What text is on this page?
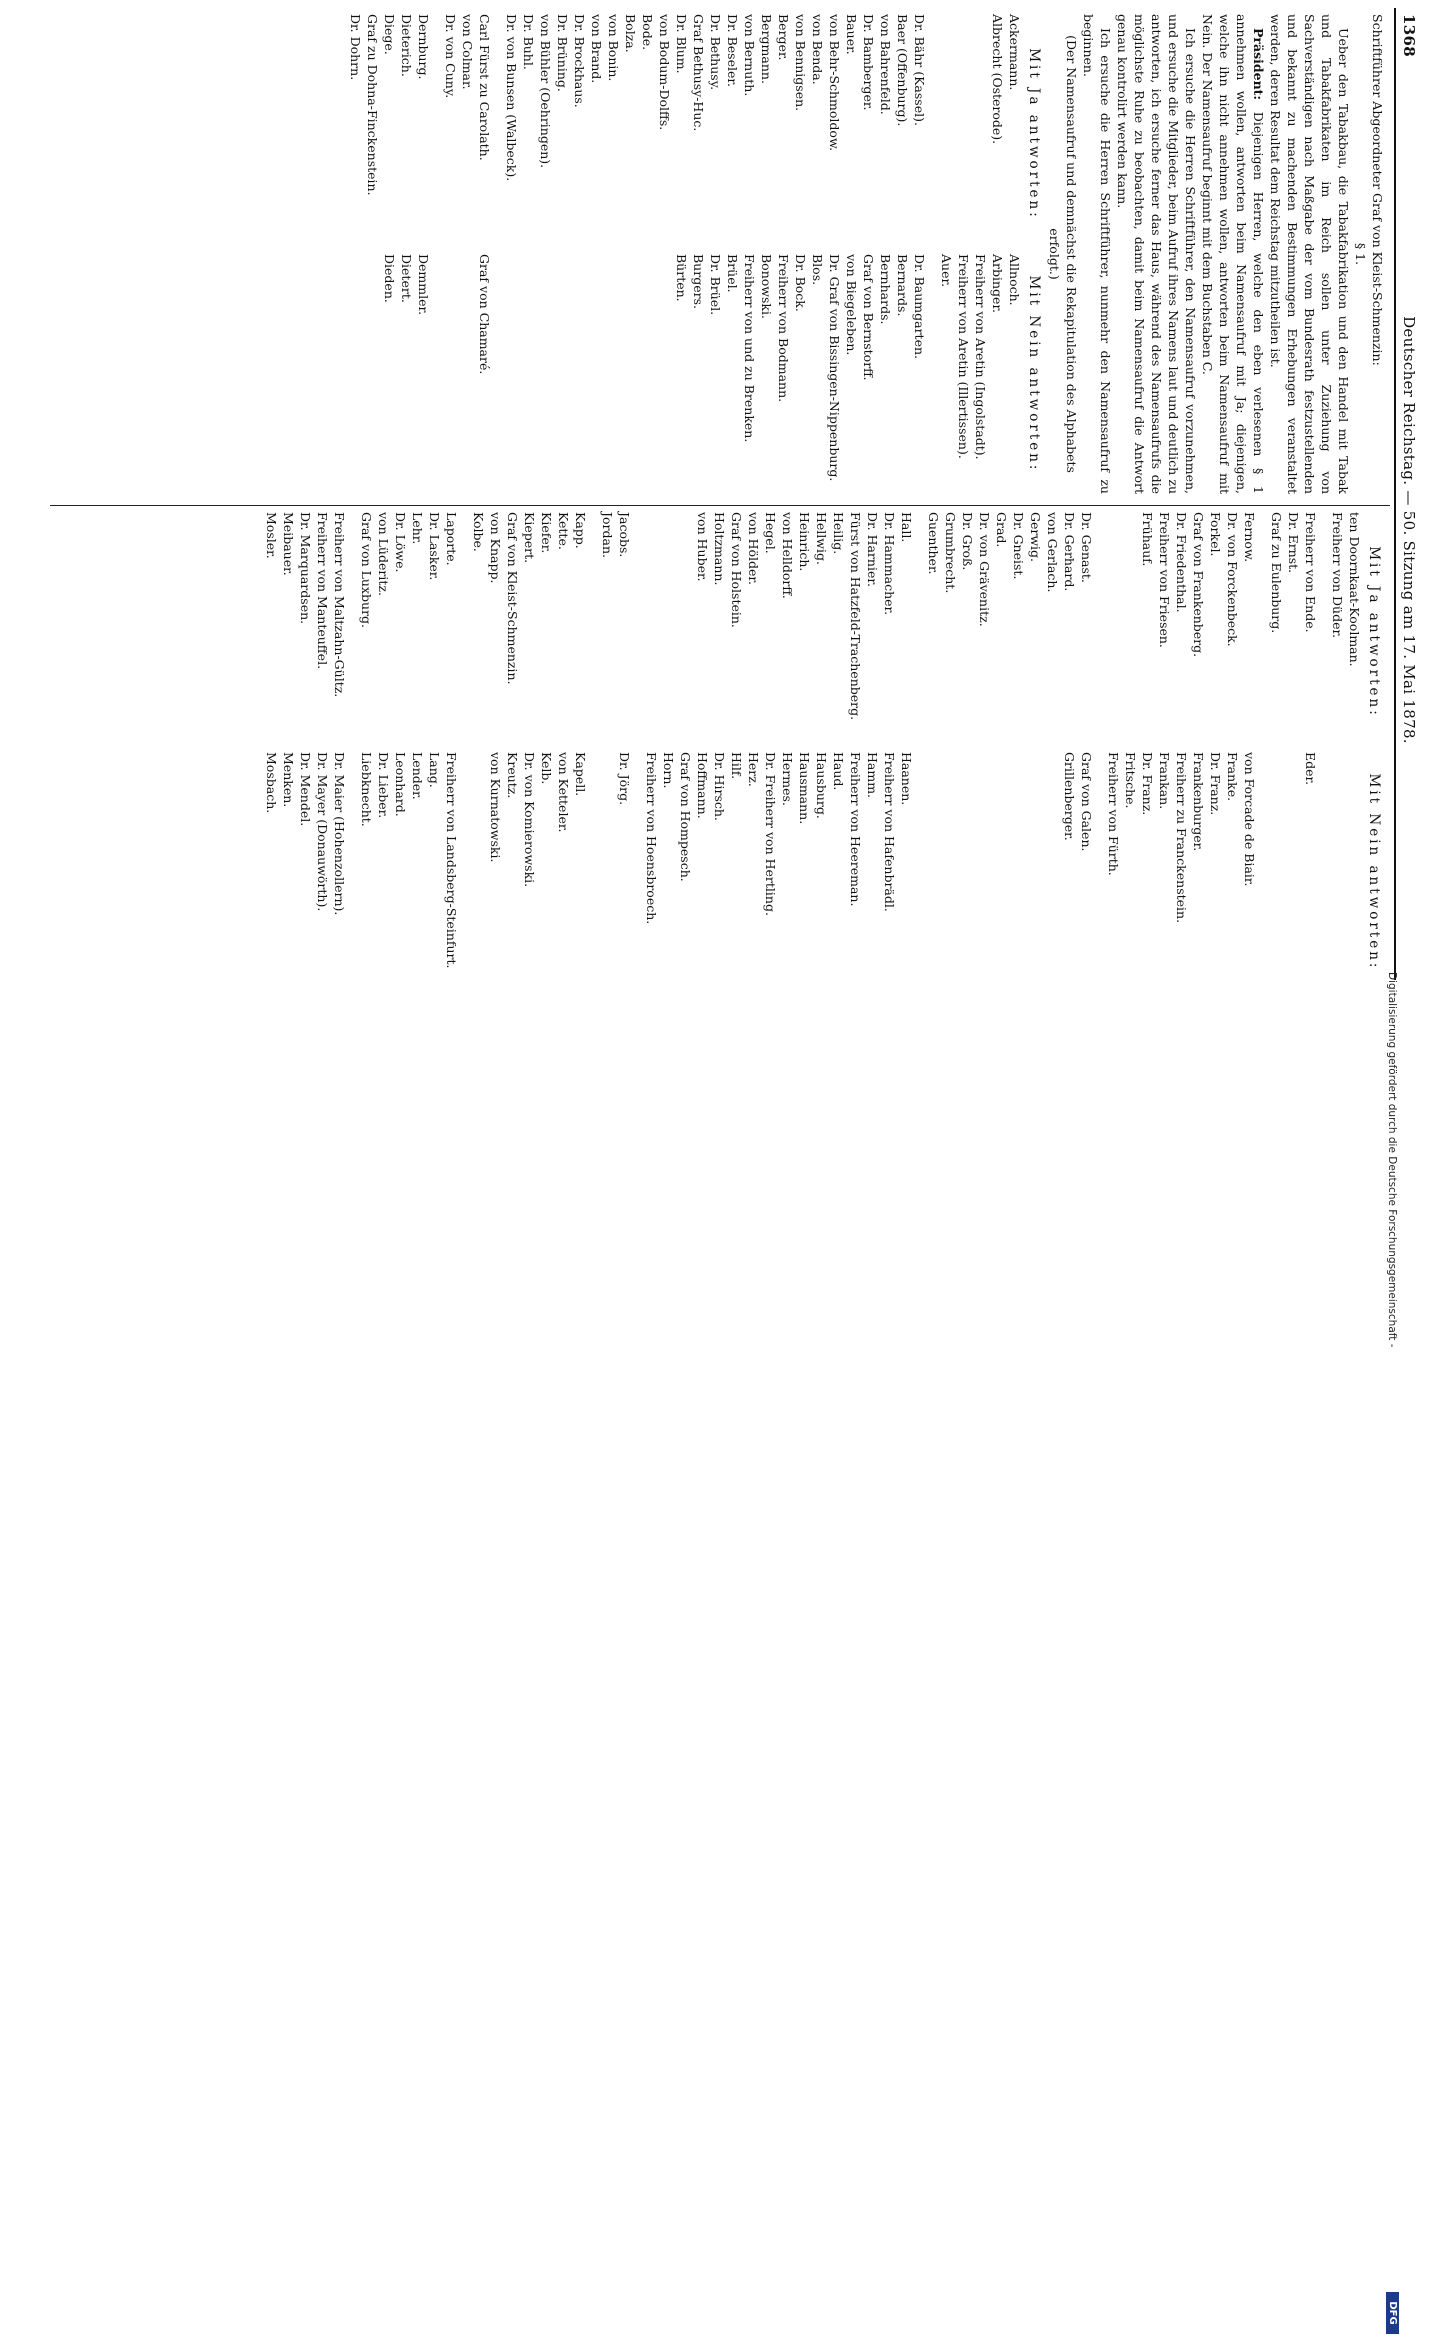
1368
Deutscher Reichstag. — 50. Sitzung am 17. Mai 1878.

Schriftführer Abgeordneter Graf von Kleist-Schmenzin:

§ 1.

Ueber den Tabakbau, die Tabakfabrikation und den Handel mit Tabak und Tabakfabrikaten im Reich sollen unter Zuziehung von Sachverständigen nach Maßgabe der vom Bundesrath festzustellenden und bekannt zu machenden Bestimmungen Erhebungen veranstaltet werden, deren Resultat dem Reichstag mitzutheilen ist.

Präsident: Diejenigen Herren, welche den eben verlesenen § 1 annehmen wollen, antworten beim Namensaufruf mit Ja; diejenigen, welche ihn nicht annehmen wollen, antworten beim Namensaufruf mit Nein. Der Namensaufruf beginnt mit dem Buchstaben C.

Ich ersuche die Herren Schriftführer, den Namensaufruf vorzunehmen, und ersuche die Mitglieder, beim Aufruf ihres Namens laut und deutlich zu antworten, ich ersuche ferner das Haus, während des Namensaufrufs die möglichste Ruhe zu beobachten, damit beim Namensaufruf die Antwort genau kontrolirt werden kann.

Ich ersuche die Herren Schriftführer, nunmehr den Namensaufruf zu beginnen.

(Der Namensaufruf und demnächst die Rekapitulation des Alphabets erfolgt.)

Mit Ja antworten:
Mit Nein antworten:
Ackermann.
Albrecht (Osterode).
Allnoch.
Arbinger.
Freiherr von Aretin (Ingolstadt).
Freiherr von Aretin (Illertissen).
Auer.
Dr. Bähr (Kassel).
Baer (Offenburg).
von Bahrenfeld.
Dr. Bamberger.
Bauer.
von Behr-Schmoldow.
von Benda.
von Bennigsen.
Berger.
Bergmann.
von Bernuth.
Dr. Beseler.
Dr. Bethusy.
Graf Bethusy-Huc.
Dr. Blum.
von Bodum-Dolffs.
Bode.
Bolza.
von Bonin.
von Brand.
Dr. Brockhaus.
Dr. Brüning.
von Bühler (Oehringen).
Dr. Buhl.
Dr. von Bunsen (Walbeck).
Dr. Baumgarten.
Bernards.
Bernhards.
Graf von Bernstorff.
von Biegeleben.
Dr. Graf von Bissingen-Nippenburg.
Blos.
Dr. Bock.
Freiherr von Bodmann.
Bonowski.
Freiherr von und zu Brenken.
Brüel.
Dr. Brüel.
Burgers.
Bürten.
Carl Fürst zu Carolath.
von Colmar.
Dr. von Cuny.
Graf von Chamaré.
Dernburg.
Dieterich.
Diege.
Graf zu Dohna-Finckenstein.
Dr. Dohrn.
Demmler.
Dietert.
Dieden.
Mit Ja antworten:
Mit Nein antworten:
ten Doornkaat-Koolman.
Freiherr von Düder.
Freiherr von Ende.
Dr. Ernst.
Graf zu Eulenburg.
Eder.
Fernow.
Dr. von Forckenbeck.
Forkel.
Graf von Frankenberg.
Dr. Friedenthal.
Freiherr von Friesen.
Frühauf.
von Forcade de Biair.
Franke.
Dr. Franz.
Frankenburger.
Freiherr zu Franckenstein.
Frankan.
Dr. Franz.
Fritsche.
Freiherr von Fürth.
Dr. Genast.
Dr. Gerhard.
von Gerlach.
Gerwig.
Dr. Gneist.
Graf von Galen.
Grillenberger.
Grad.
Dr. von Grävenitz.
Dr. Groß.
Grumbrecht.
Guenther.
Hall.
Dr. Hammacher.
Dr. Harnier.
Fürst von Hatzfeld-Trachenberg.
Heilig.
Hellwig.
Heinrich.
von Helldorff.
Hegel.
von Hölder.
Graf von Holstein.
Holtzmann.
von Huber.
Haanen.
Freiherr von Hafenbrädl.
Hamm.
Freiherr von Heereman.
Haud.
Hausburg.
Hausmann.
Hermes.
Dr. Freiherr von Hertling.
Herz.
Hilf.
Dr. Hirsch.
Hoffmann.
Graf von Hompesch.
Horn.
Freiherr von Hoensbroech.
Jacobs.
Jordan.
Dr. Jörg.
Kapp.
Kette.
Kiefer.
Kiepert.
Graf von Kleist-Schmenzin.
von Knapp.
Kolbe.
Kapell.
von Ketteler.
Kelb.
Dr. von Komierowski.
Kreutz.
von Kurnatowski.
Laporte.
Dr. Lasker.
Lehr.
Dr. Löwe.
von Lüderitz.
Graf von Luxburg.
Freiherr von Landsberg-Steinfurt.
Lang.
Lender.
Leonhard.
Dr. Lieber.
Liebknecht.
Freiherr von Maltzahn-Gültz.
Freiherr von Manteuffel.
Dr. Marquardsen.
Meibauer.
Mosler.
Dr. Maier (Hohenzollern).
Dr. Mayer (Donauwörth).
Dr. Mendel.
Menken.
Mosbach.
Digitalisierung gefördert durch die Deutsche Forschungsgemeinschaft -
DFG
